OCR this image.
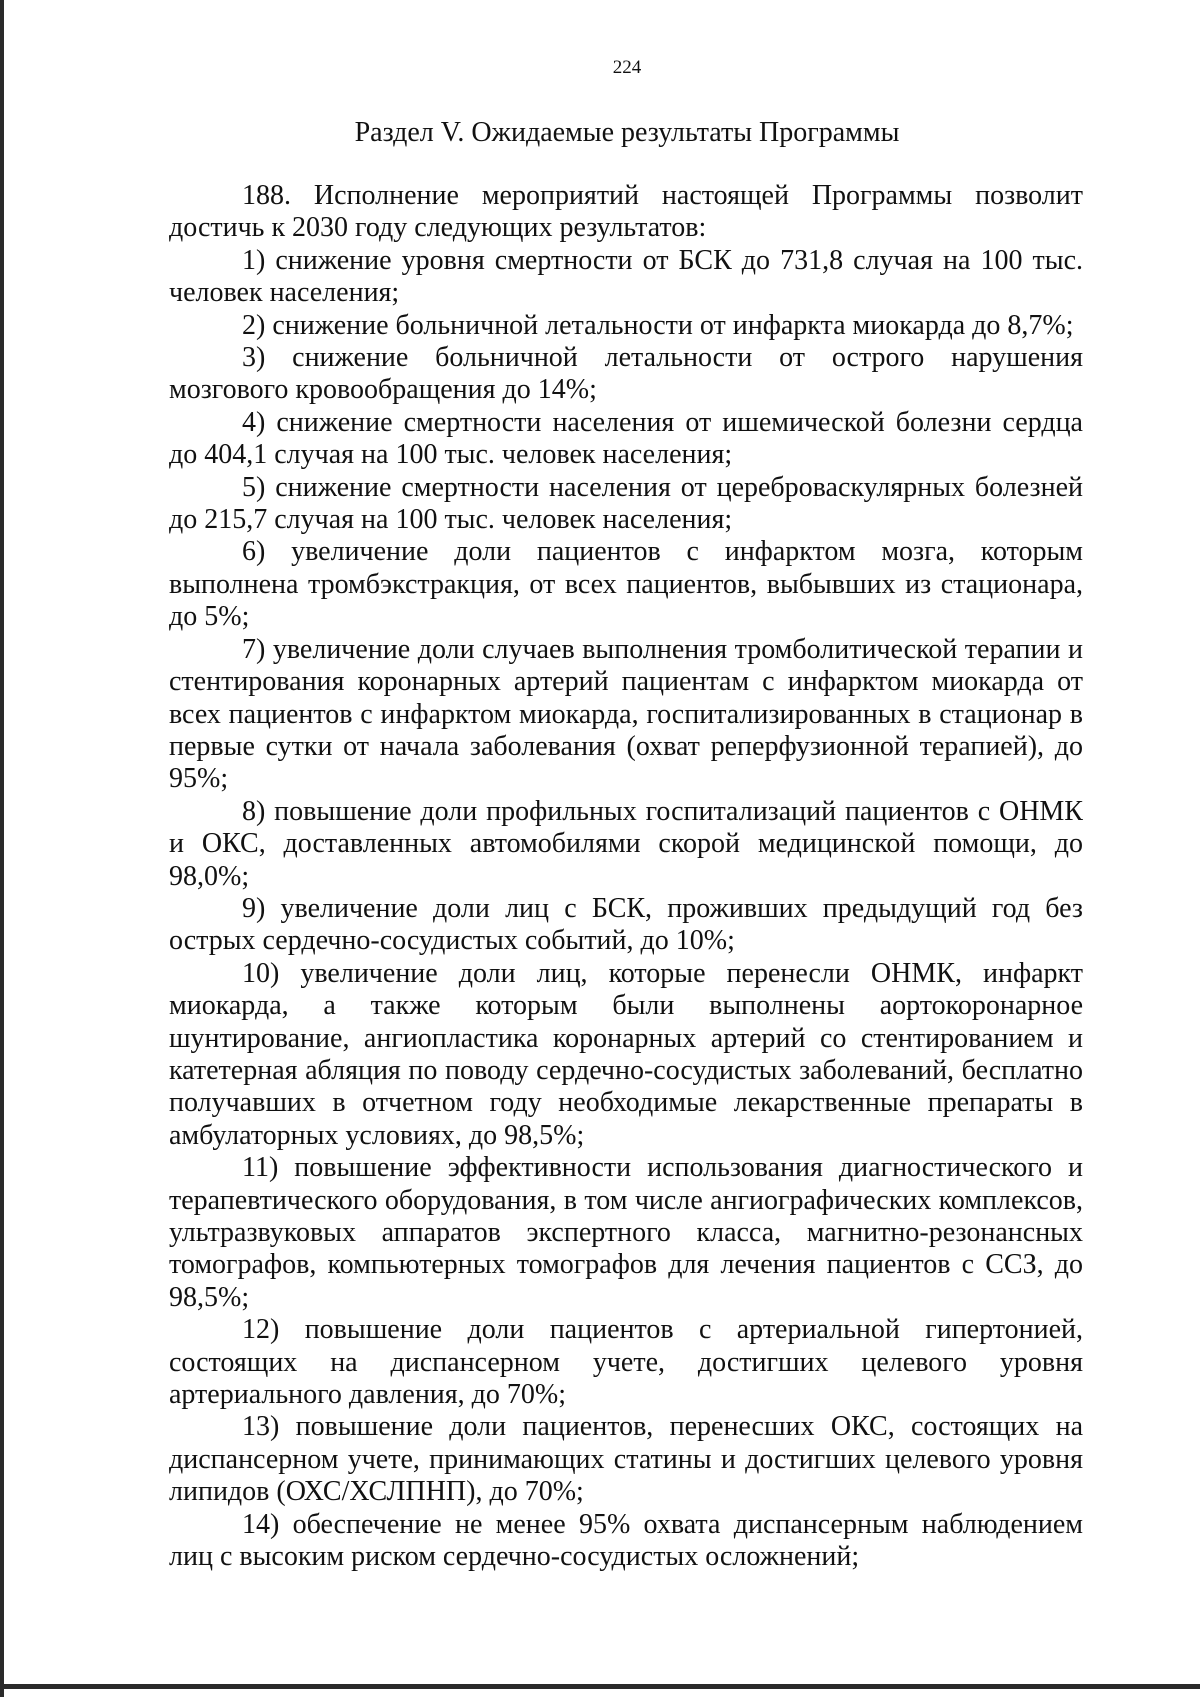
224
Раздел V. Ожидаемые результаты Программы

188. Исполнение мероприятий настоящей Программы позволит достичь к 2030 году следующих результатов:

1) снижение уровня смертности от БСК до 731,8 случая на 100 тыс. человек населения;

2) снижение больничной летальности от инфаркта миокарда до 8,7%;

3) снижение больничной летальности от острого нарушения мозгового кровообращения до 14%;

4) снижение смертности населения от ишемической болезни сердца до 404,1 случая на 100 тыс. человек населения;

5) снижение смертности населения от цереброваскулярных болезней до 215,7 случая на 100 тыс. человек населения;

6) увеличение доли пациентов с инфарктом мозга, которым выполнена тромбэкстракция, от всех пациентов, выбывших из стационара, до 5%;

7) увеличение доли случаев выполнения тромболитической терапии и стентирования коронарных артерий пациентам с инфарктом миокарда от всех пациентов с инфарктом миокарда, госпитализированных в стационар в первые сутки от начала заболевания (охват реперфузионной терапией), до 95%;

8) повышение доли профильных госпитализаций пациентов с ОНМК и ОКС, доставленных автомобилями скорой медицинской помощи, до 98,0%;

9) увеличение доли лиц с БСК, проживших предыдущий год без острых сердечно-сосудистых событий, до 10%;

10) увеличение доли лиц, которые перенесли ОНМК, инфаркт миокарда, а также которым были выполнены аортокоронарное шунтирование, ангиопластика коронарных артерий со стентированием и катетерная абляция по поводу сердечно-сосудистых заболеваний, бесплатно получавших в отчетном году необходимые лекарственные препараты в амбулаторных условиях, до 98,5%;

11) повышение эффективности использования диагностического и терапевтического оборудования, в том числе ангиографических комплексов, ультразвуковых аппаратов экспертного класса, магнитно-резонансных томографов, компьютерных томографов для лечения пациентов с ССЗ, до 98,5%;

12) повышение доли пациентов с артериальной гипертонией, состоящих на диспансерном учете, достигших целевого уровня артериального давления, до 70%;

13) повышение доли пациентов, перенесших ОКС, состоящих на диспансерном учете, принимающих статины и достигших целевого уровня липидов (ОХС/ХСЛПНП), до 70%;

14) обеспечение не менее 95% охвата диспансерным наблюдением лиц с высоким риском сердечно-сосудистых осложнений;
